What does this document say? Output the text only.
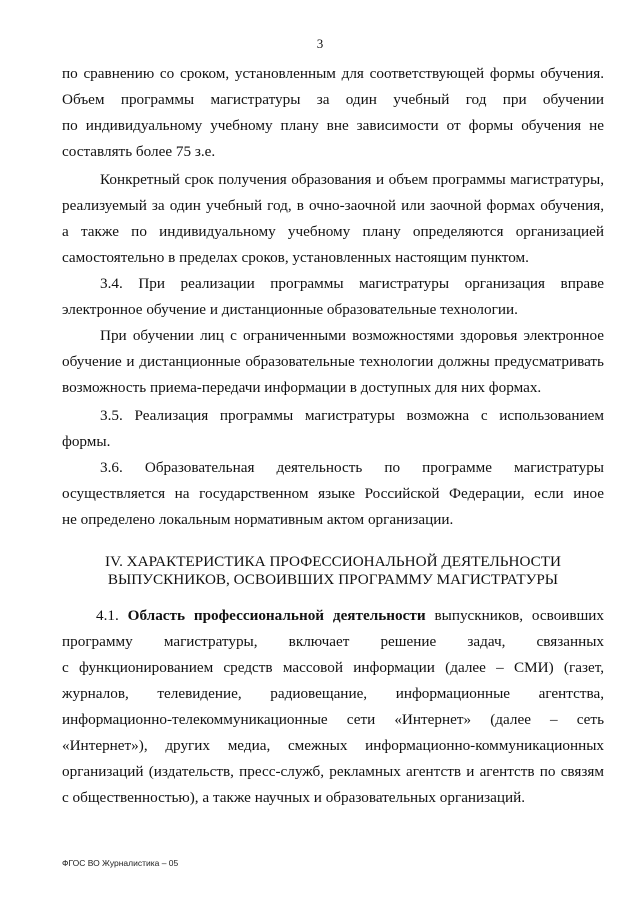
3
по сравнению со сроком, установленным для соответствующей формы обучения.
Объем программы магистратуры за один учебный год при обучении
по индивидуальному учебному плану вне зависимости от формы обучения не
составлять более 75 з.е.
Конкретный срок получения образования и объем программы магистратуры,
реализуемый за один учебный год, в очно-заочной или заочной формах обучения,
а также по индивидуальному учебному плану определяются организацией
самостоятельно в пределах сроков, установленных настоящим пунктом.
3.4. При реализации программы магистратуры организация вправе
электронное обучение и дистанционные образовательные технологии.
При обучении лиц с ограниченными возможностями здоровья электронное
обучение и дистанционные образовательные технологии должны предусматривать
возможность приема-передачи информации в доступных для них формах.
3.5. Реализация программы магистратуры возможна с использованием
формы.
3.6. Образовательная деятельность по программе магистратуры
осуществляется на государственном языке Российской Федерации, если иное
не определено локальным нормативным актом организации.
IV. ХАРАКТЕРИСТИКА ПРОФЕССИОНАЛЬНОЙ ДЕЯТЕЛЬНОСТИ
ВЫПУСКНИКОВ, ОСВОИВШИХ ПРОГРАММУ МАГИСТРАТУРЫ
4.1. Область профессиональной деятельности выпускников, освоивших
программу магистратуры, включает решение задач, связанных
с функционированием средств массовой информации (далее – СМИ) (газет,
журналов, телевидение, радиовещание, информационные агентства,
информационно-телекоммуникационные сети «Интернет» (далее – сеть
«Интернет»), других медиа, смежных информационно-коммуникационных
организаций (издательств, пресс-служб, рекламных агентств и агентств по связям
с общественностью), а также научных и образовательных организаций.
ФГОС ВО Журналистика – 05
